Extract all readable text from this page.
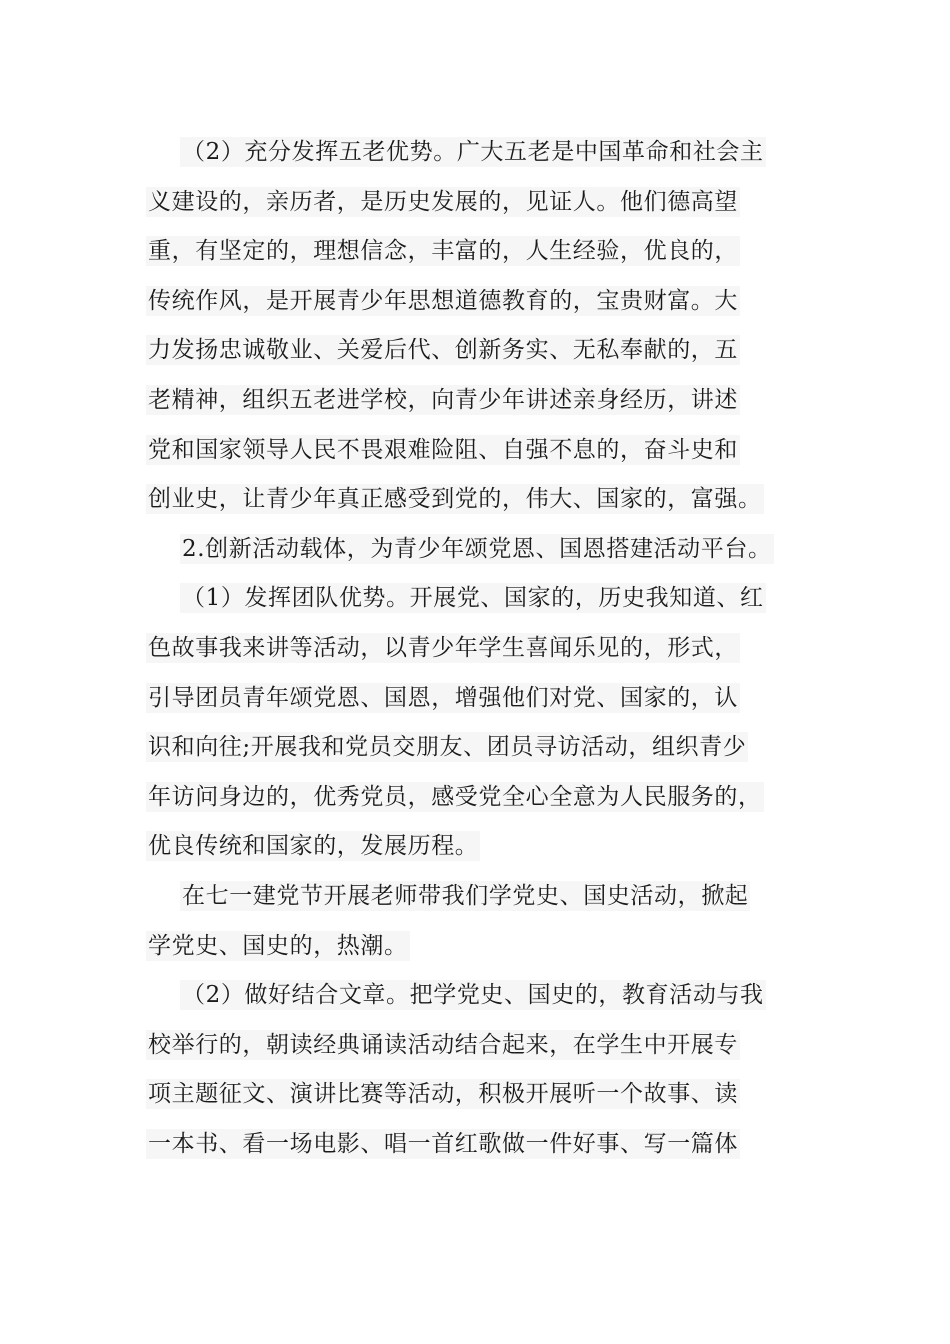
（2）充分发挥五老优势。广大五老是中国革命和社会主
义建设的，亲历者，是历史发展的，见证人。他们德高望
重，有坚定的，理想信念，丰富的，人生经验，优良的，
传统作风，是开展青少年思想道德教育的，宝贵财富。大
力发扬忠诚敬业、关爱后代、创新务实、无私奉献的，五
老精神，组织五老进学校，向青少年讲述亲身经历，讲述
党和国家领导人民不畏艰难险阻、自强不息的，奋斗史和
创业史，让青少年真正感受到党的，伟大、国家的，富强。
2.创新活动载体，为青少年颂党恩、国恩搭建活动平台。
（1）发挥团队优势。开展党、国家的，历史我知道、红
色故事我来讲等活动，以青少年学生喜闻乐见的，形式，
引导团员青年颂党恩、国恩，增强他们对党、国家的，认
识和向往;开展我和党员交朋友、团员寻访活动，组织青少
年访问身边的，优秀党员，感受党全心全意为人民服务的，
优良传统和国家的，发展历程。
在七一建党节开展老师带我们学党史、国史活动，掀起
学党史、国史的，热潮。
（2）做好结合文章。把学党史、国史的，教育活动与我
校举行的，朝读经典诵读活动结合起来，在学生中开展专
项主题征文、演讲比赛等活动，积极开展听一个故事、读
一本书、看一场电影、唱一首红歌做一件好事、写一篇体
